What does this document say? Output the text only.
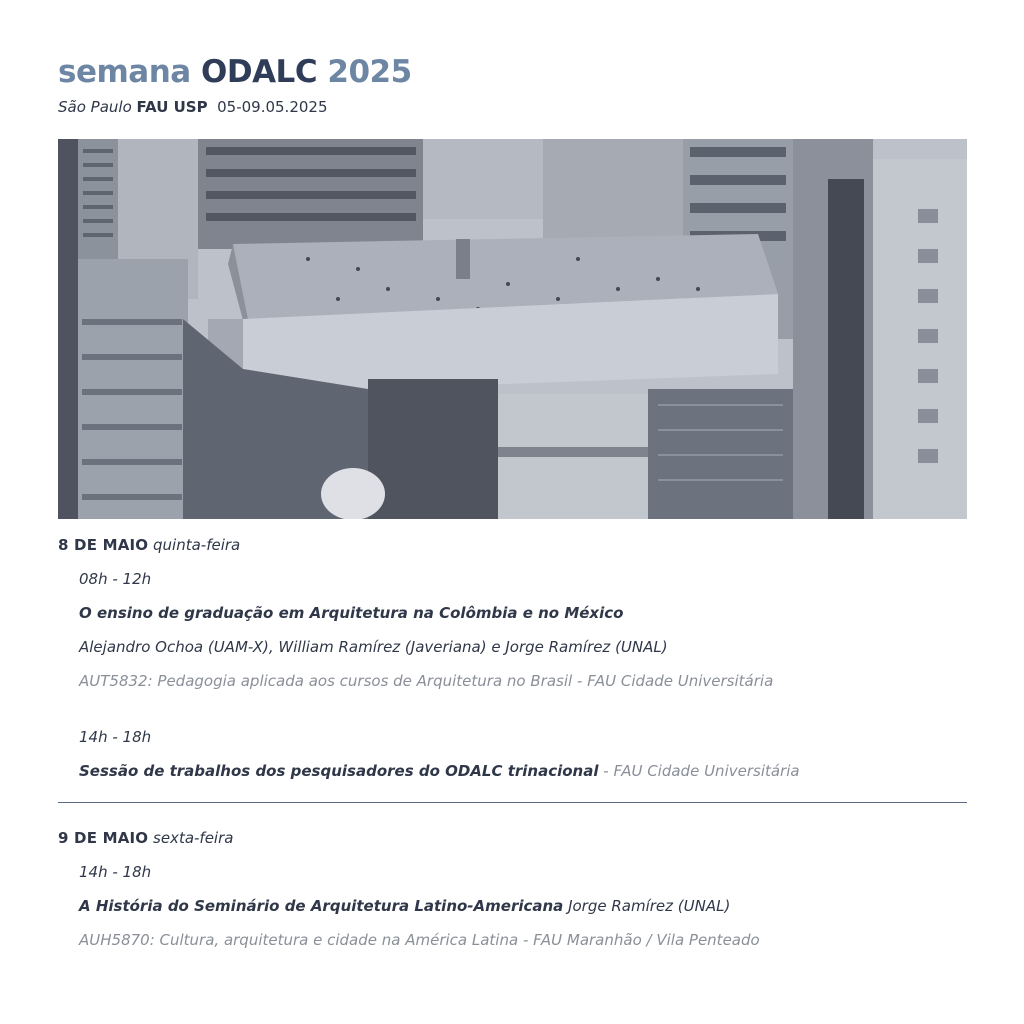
semana ODALC 2025
São Paulo FAU USP  05-09.05.2025
8 DE MAIO quinta-feira
08h - 12h
O ensino de graduação em Arquitetura na Colômbia e no México
Alejandro Ochoa (UAM-X), William Ramírez (Javeriana) e Jorge Ramírez (UNAL)
AUT5832: Pedagogia aplicada aos cursos de Arquitetura no Brasil - FAU Cidade Universitária
14h - 18h
Sessão de trabalhos dos pesquisadores do ODALC trinacional - FAU Cidade Universitária
9 DE MAIO sexta-feira
14h - 18h
A História do Seminário de Arquitetura Latino-Americana Jorge Ramírez (UNAL)
AUH5870: Cultura, arquitetura e cidade na América Latina - FAU Maranhão / Vila Penteado
